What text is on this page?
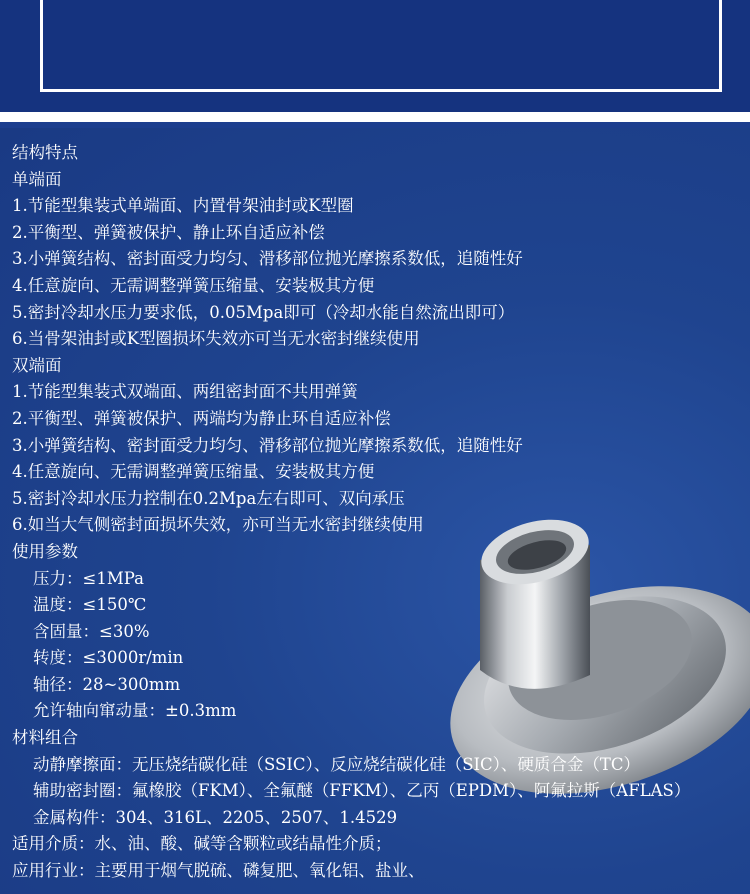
结构特点
单端面
1.节能型集装式单端面、内置骨架油封或K型圈
2.平衡型、弹簧被保护、静止环自适应补偿
3.小弹簧结构、密封面受力均匀、滑移部位抛光摩擦系数低，追随性好
4.任意旋向、无需调整弹簧压缩量、安装极其方便
5.密封冷却水压力要求低，0.05Mpa即可（冷却水能自然流出即可）
6.当骨架油封或K型圈损坏失效亦可当无水密封继续使用
双端面
1.节能型集装式双端面、两组密封面不共用弹簧
2.平衡型、弹簧被保护、两端均为静止环自适应补偿
3.小弹簧结构、密封面受力均匀、滑移部位抛光摩擦系数低，追随性好
4.任意旋向、无需调整弹簧压缩量、安装极其方便
5.密封冷却水压力控制在0.2Mpa左右即可、双向承压
6.如当大气侧密封面损坏失效，亦可当无水密封继续使用
使用参数
压力：≤1MPa
温度：≤150℃
含固量：≤30%
转度：≤3000r/min
轴径：28~300mm
允许轴向窜动量：±0.3mm
材料组合
动静摩擦面：无压烧结碳化硅（SSIC）、反应烧结碳化硅（SIC）、硬质合金（TC）
辅助密封圈：氟橡胶（FKM）、全氟醚（FFKM）、乙丙（EPDM）、阿氟拉斯（AFLAS）
金属构件：304、316L、2205、2507、1.4529
适用介质：水、油、酸、碱等含颗粒或结晶性介质；
应用行业：主要用于烟气脱硫、磷复肥、氧化铝、盐业、
